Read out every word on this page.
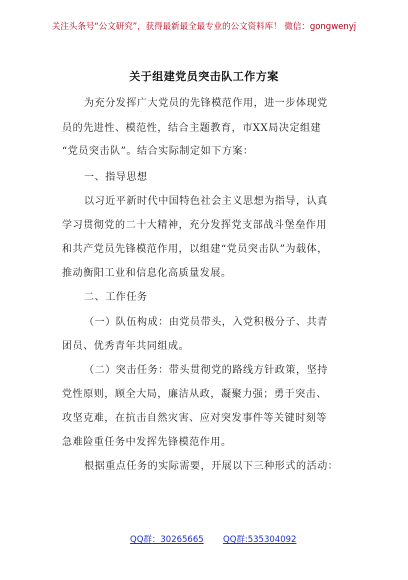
关注头条号“公文研究”，获得最新最全最专业的公文资料库！ 微信：gongwenyj
关于组建党员突击队工作方案
为充分发挥广大党员的先锋模范作用，进一步体现党
员的先进性、模范性，结合主题教育，市XX局决定组建
“党员突击队”。结合实际制定如下方案：
一、指导思想
以习近平新时代中国特色社会主义思想为指导，认真
学习贯彻党的二十大精神，充分发挥党支部战斗堡垒作用
和共产党员先锋模范作用，以组建“党员突击队”为载体，
推动衡阳工业和信息化高质量发展。
二、工作任务
（一）队伍构成：由党员带头，入党积极分子、共青
团员、优秀青年共同组成。
（二）突击任务：带头贯彻党的路线方针政策，坚持
党性原则，顾全大局，廉洁从政，凝聚力强；勇于突击、
攻坚克难，在抗击自然灾害、应对突发事件等关键时刻等
急难险重任务中发挥先锋模范作用。
根据重点任务的实际需要，开展以下三种形式的活动：
QQ群：30265665 QQ群:535304092
